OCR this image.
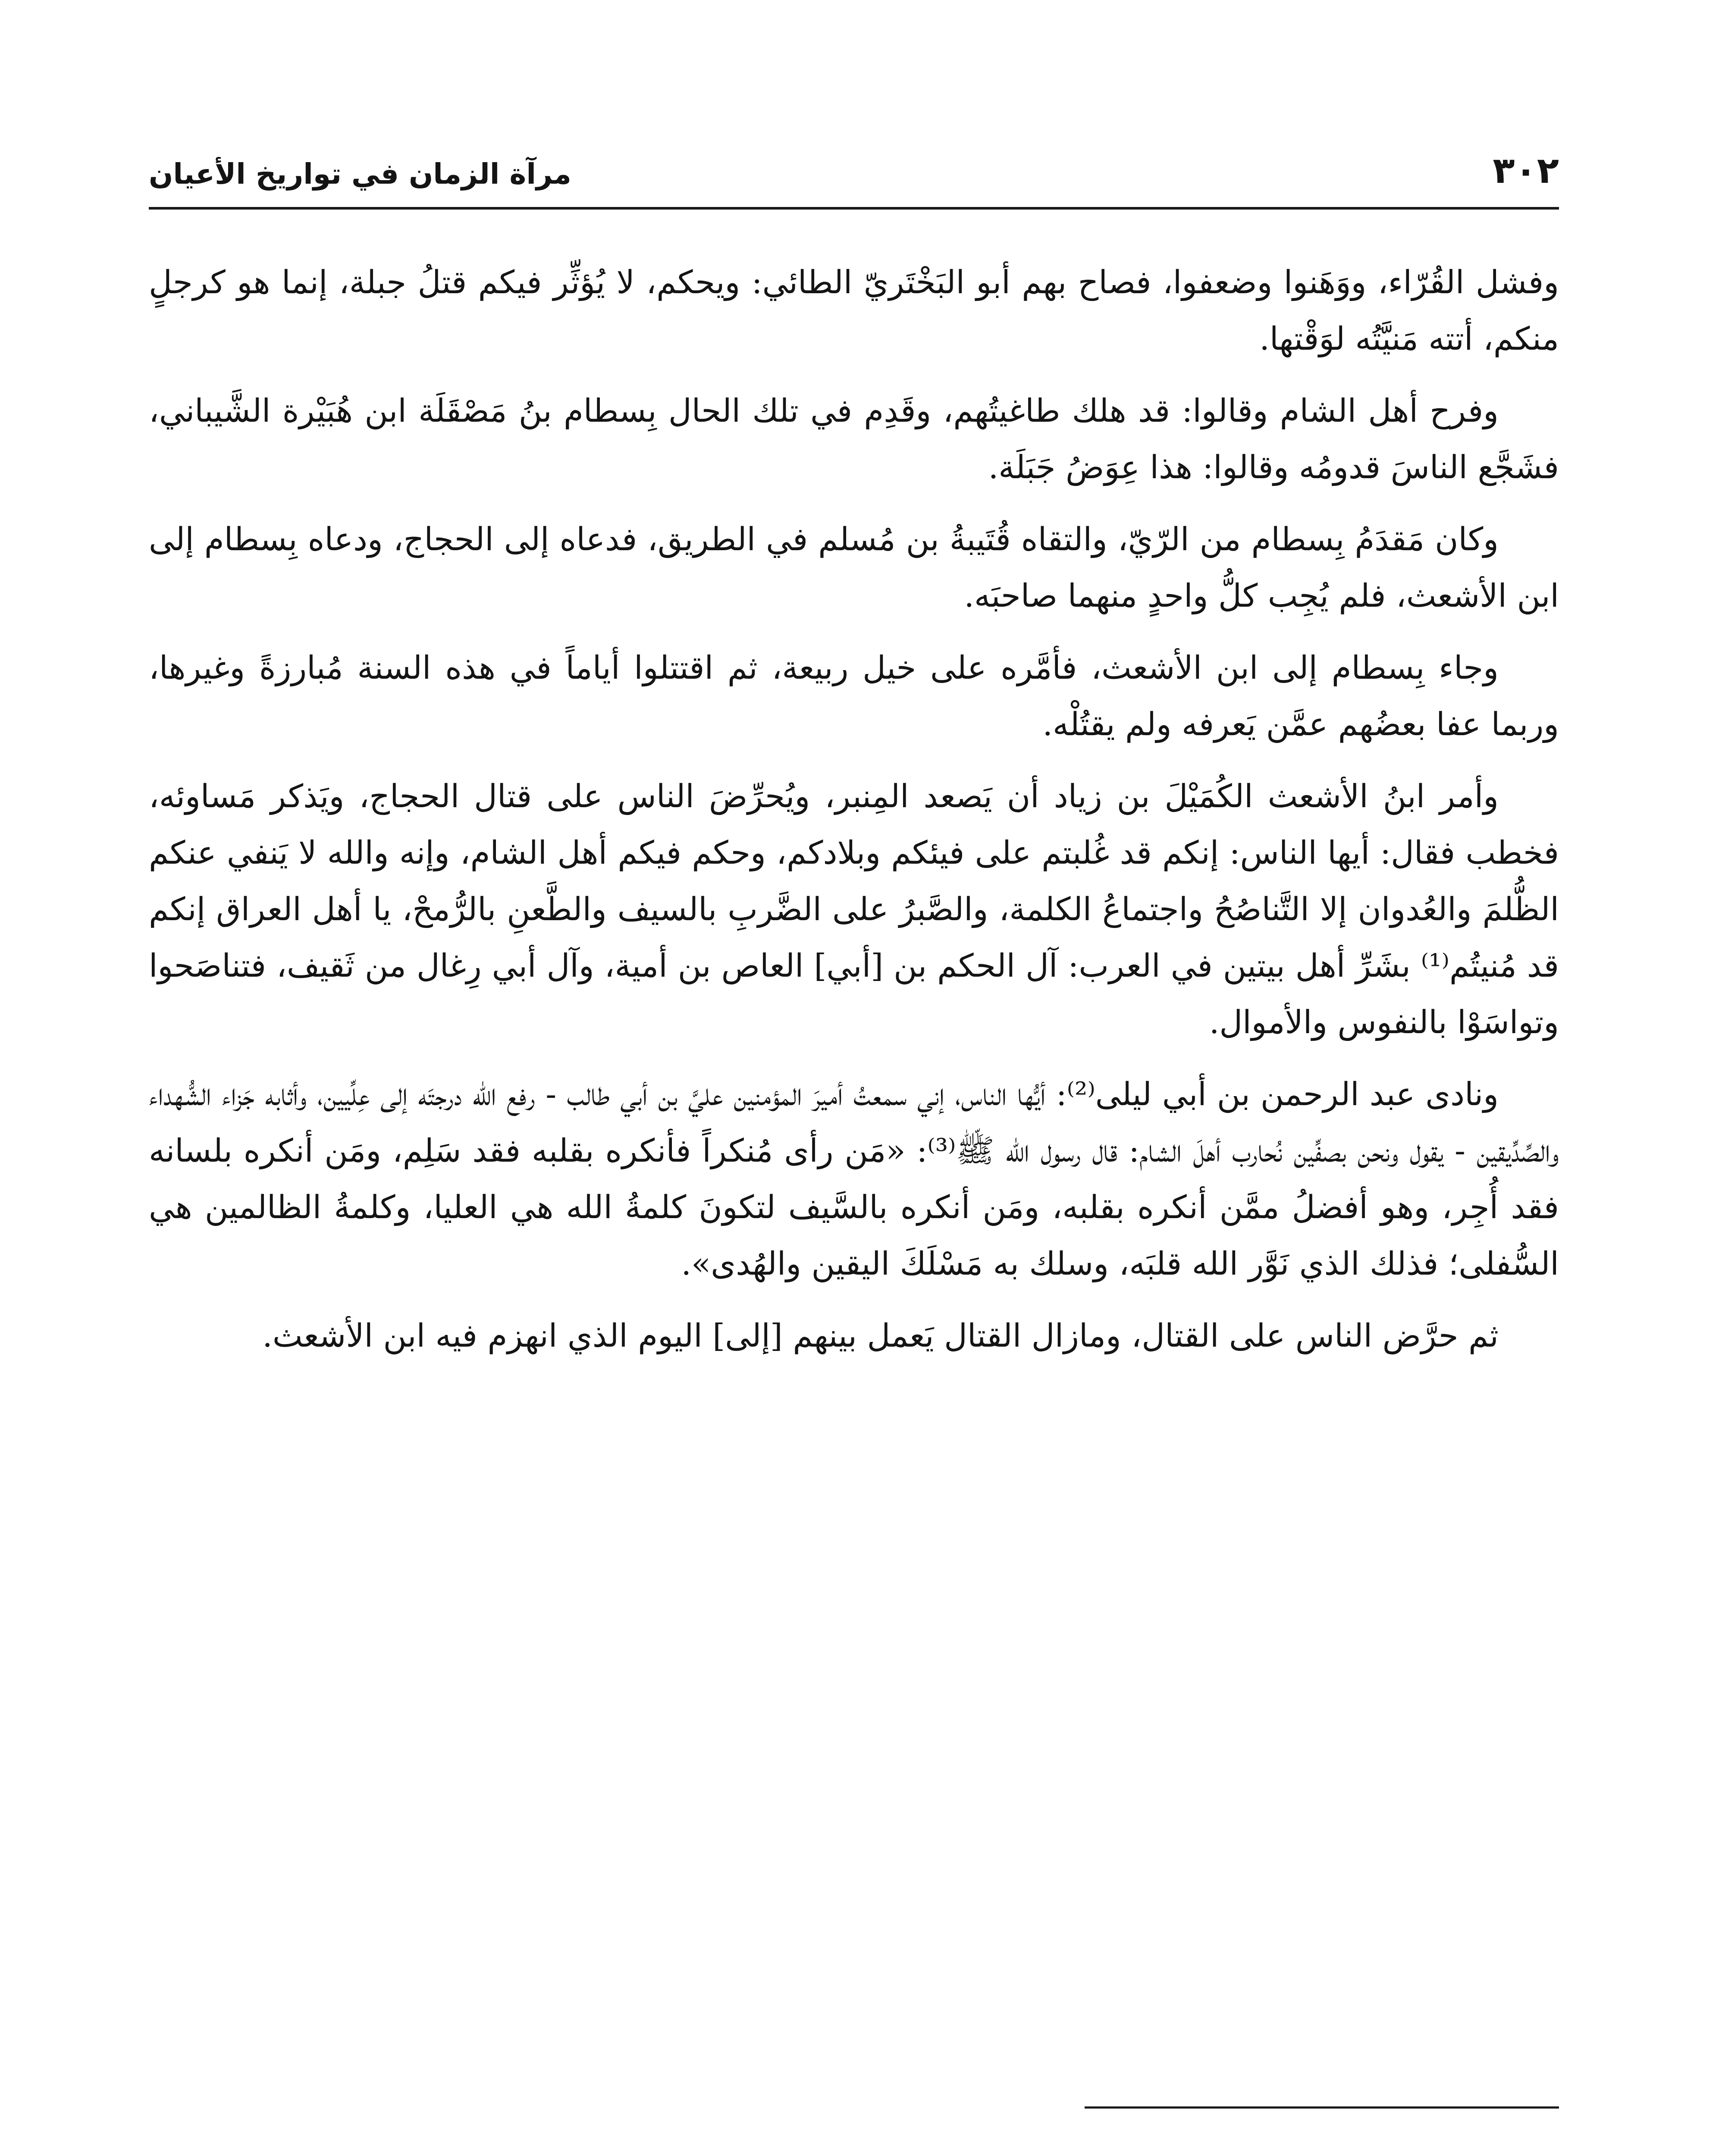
٣٠٢
مرآة الزمان في تواريخ الأعيان

وفشل القُرّاء، ووَهَنوا وضعفوا، فصاح بهم أبو البَخْتَريّ الطائي: ويحكم، لا يُؤثِّر فيكم قتلُ جبلة، إنما هو كرجلٍ منكم، أتته مَنيَّتُه لوَقْتها.

وفرح أهل الشام وقالوا: قد هلك طاغيتُهم، وقَدِم في تلك الحال بِسطام بنُ مَصْقَلَة ابن هُبَيْرة الشَّيباني، فشَجَّع الناسَ قدومُه وقالوا: هذا عِوَضُ جَبَلَة.

وكان مَقدَمُ بِسطام من الرّيّ، والتقاه قُتَيبةُ بن مُسلم في الطريق، فدعاه إلى الحجاج، ودعاه بِسطام إلى ابن الأشعث، فلم يُجِب كلُّ واحدٍ منهما صاحبَه.

وجاء بِسطام إلى ابن الأشعث، فأمَّره على خيل ربيعة، ثم اقتتلوا أياماً في هذه السنة مُبارزةً وغيرها، وربما عفا بعضُهم عمَّن يَعرفه ولم يقتُلْه.

وأمر ابنُ الأشعث الكُمَيْلَ بن زياد أن يَصعد المِنبر، ويُحرِّضَ الناس على قتال الحجاج، ويَذكر مَساوئه، فخطب فقال: أيها الناس: إنكم قد غُلبتم على فيئكم وبلادكم، وحكم فيكم أهل الشام، وإنه والله لا يَنفي عنكم الظُّلمَ والعُدوان إلا التَّناصُحُ واجتماعُ الكلمة، والصَّبرُ على الضَّربِ بالسيف والطَّعنِ بالرُّمحْ، يا أهل العراق إنكم قد مُنيتُم⁽¹⁾ بشَرِّ أهل بيتين في العرب: آل الحكم بن [أبي] العاص بن أمية، وآل أبي رِغال من ثَقيف، فتناصَحوا وتواسَوْا بالنفوس والأموال.

ونادى عبد الرحمن بن أبي ليلى⁽²⁾: أيُّها الناس، إني سمعتُ أميرَ المؤمنين عليَّ بن أبي طالب - رفع الله درجتَه إلى عِلِّيين، وأثابه جَزاء الشُّهداء والصِّدِّيقين - يقول ونحن بصفِّين نُحارب أهلَ الشام: قال رسول الله ﷺ⁽³⁾: «مَن رأى مُنكراً فأنكره بقلبه فقد سَلِم، ومَن أنكره بلسانه فقد أُجِر، وهو أفضلُ ممَّن أنكره بقلبه، ومَن أنكره بالسَّيف لتكونَ كلمةُ الله هي العليا، وكلمةُ الظالمين هي السُّفلى؛ فذلك الذي نَوَّر الله قلبَه، وسلك به مَسْلَكَ اليقين والهُدى».

ثم حرَّض الناس على القتال، ومازال القتال يَعمل بينهم [إلى] اليوم الذي انهزم فيه ابن الأشعث.
